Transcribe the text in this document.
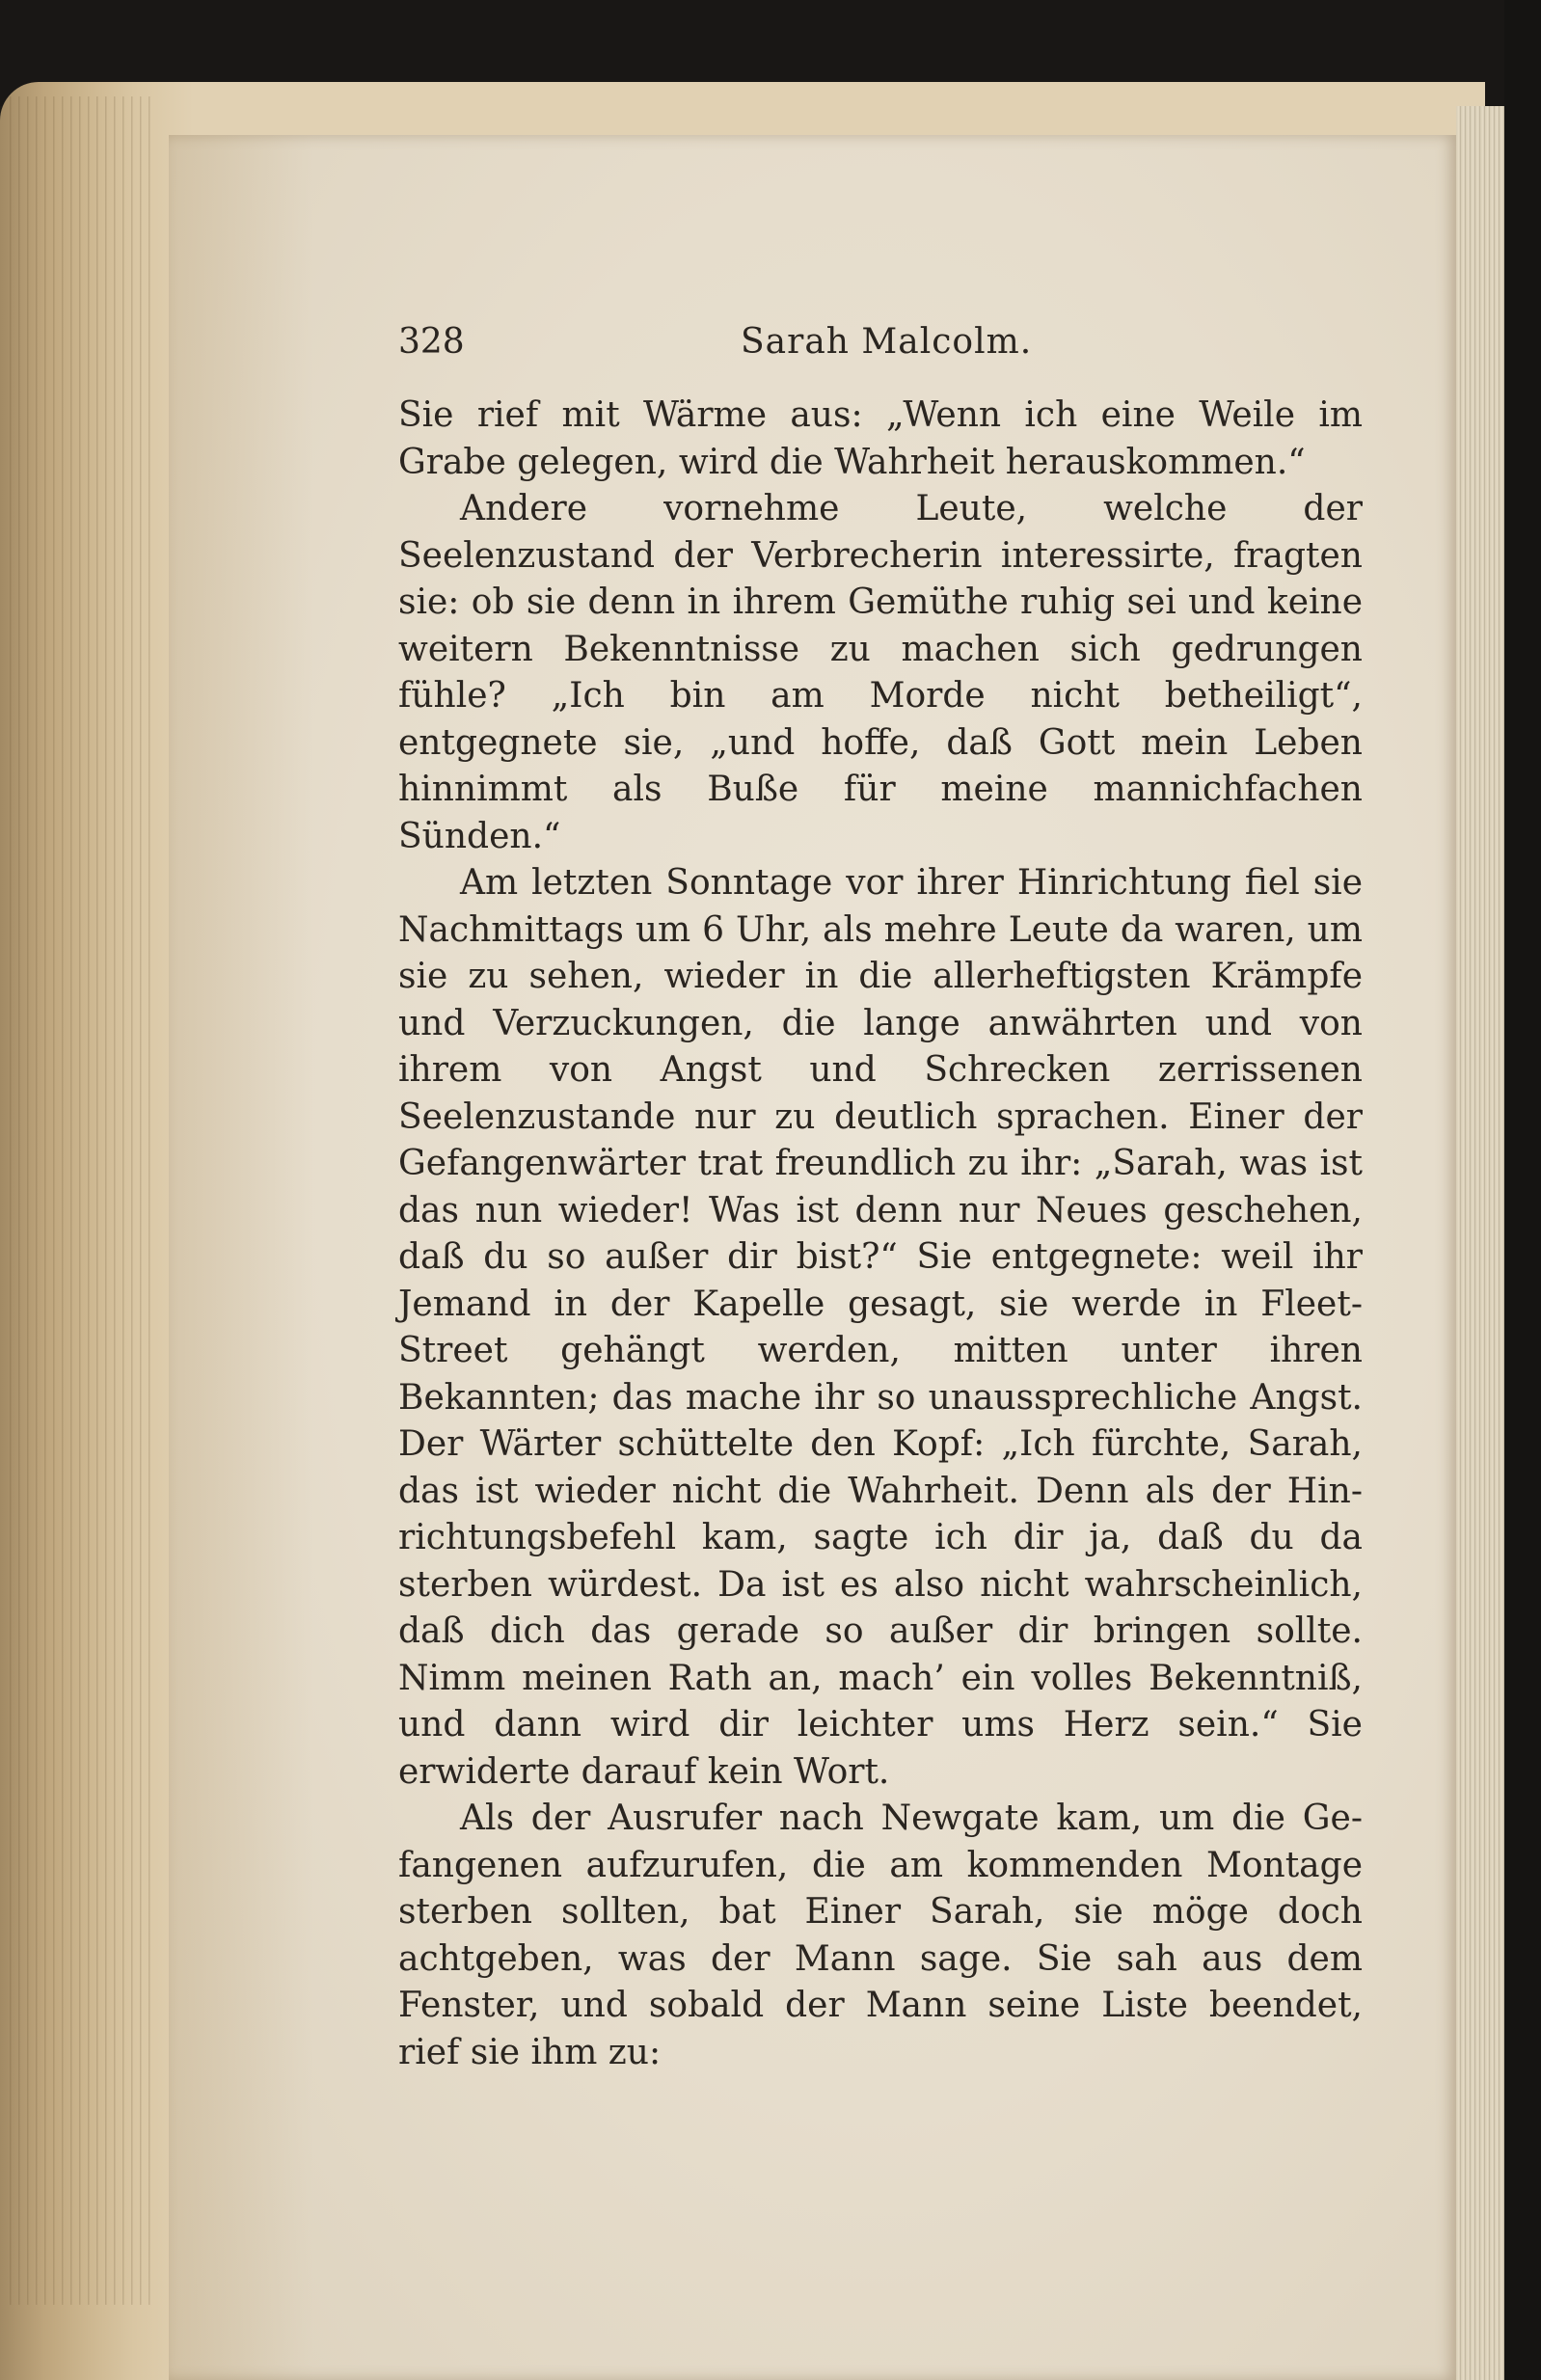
328	Sarah Malcolm.

Sie rief mit Wärme aus: „Wenn ich eine Weile im Grabe gelegen, wird die Wahrheit herauskommen.“

Andere vornehme Leute, welche der Seelenzustand der Verbrecherin interessirte, fragten sie: ob sie denn in ihrem Gemüthe ruhig sei und keine weitern Bekenntnisse zu machen sich gedrungen fühle? „Ich bin am Morde nicht betheiligt“, entgegnete sie, „und hoffe, daß Gott mein Leben hinnimmt als Buße für meine mannichfachen Sünden.“

Am letzten Sonntage vor ihrer Hinrichtung fiel sie Nachmittags um 6 Uhr, als mehre Leute da waren, um sie zu sehen, wieder in die allerheftigsten Krämpfe und Verzuckungen, die lange anwährten und von ihrem von Angst und Schrecken zerrissenen Seelenzustande nur zu deutlich sprachen. Einer der Gefangenwärter trat freundlich zu ihr: „Sarah, was ist das nun wieder! Was ist denn nur Neues geschehen, daß du so außer dir bist?“ Sie entgegnete: weil ihr Jemand in der Kapelle gesagt, sie werde in Fleet-Street gehängt werden, mitten unter ihren Bekannten; das mache ihr so unaussprechliche Angst. Der Wärter schüttelte den Kopf: „Ich fürchte, Sarah, das ist wieder nicht die Wahrheit. Denn als der Hinrichtungsbefehl kam, sagte ich dir ja, daß du da sterben würdest. Da ist es also nicht wahrscheinlich, daß dich das gerade so außer dir bringen sollte. Nimm meinen Rath an, mach’ ein volles Bekenntniß, und dann wird dir leichter ums Herz sein.“ Sie erwiderte darauf kein Wort.

Als der Ausrufer nach Newgate kam, um die Gefangenen aufzurufen, die am kommenden Montage sterben sollten, bat Einer Sarah, sie möge doch achtgeben, was der Mann sage. Sie sah aus dem Fenster, und sobald der Mann seine Liste beendet, rief sie ihm zu:
